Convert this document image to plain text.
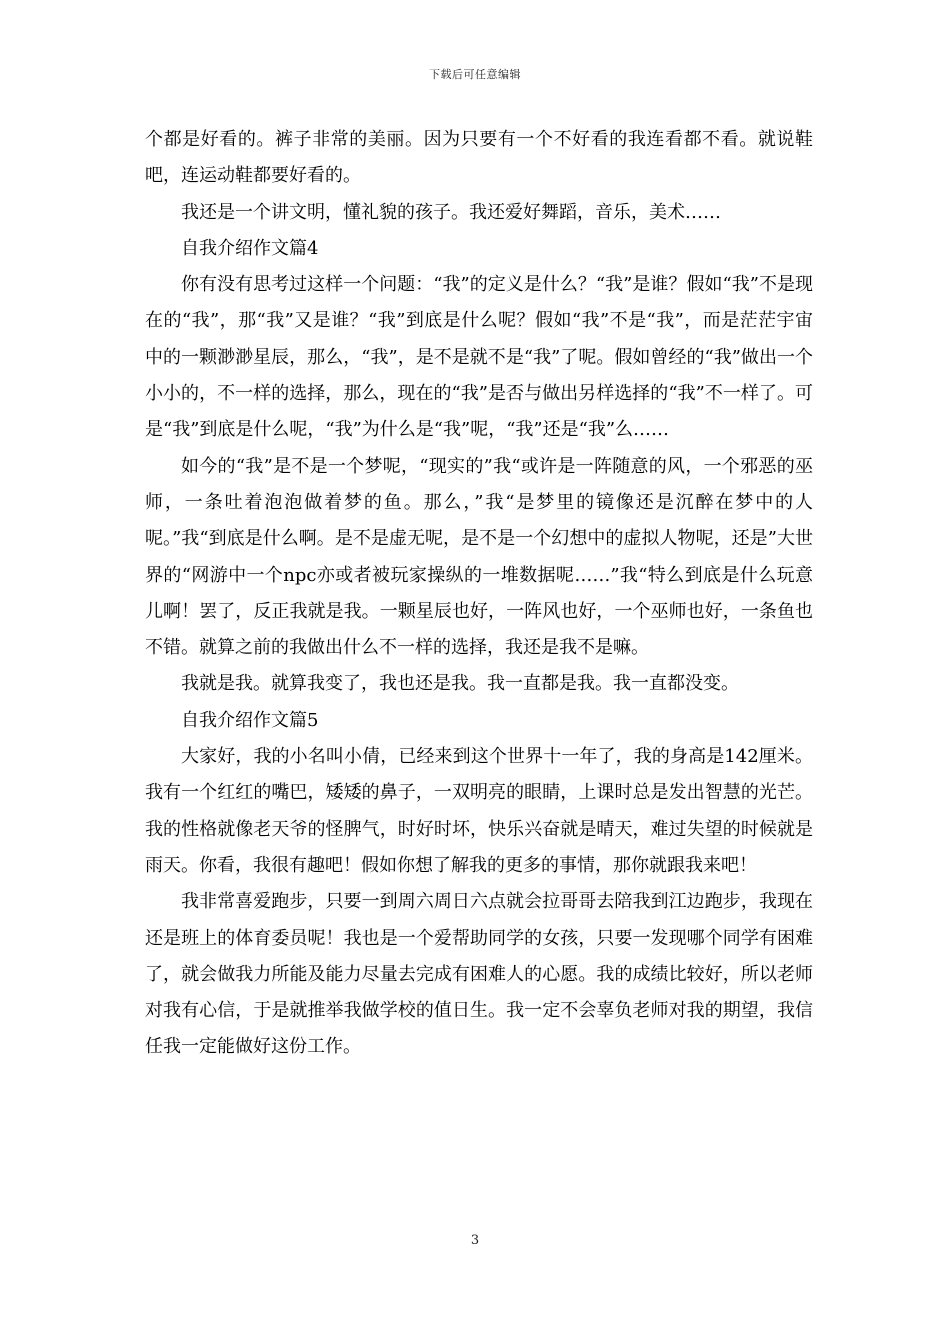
下载后可任意编辑

个都是好看的。裤子非常的美丽。因为只要有一个不好看的我连看都不看。就说鞋吧，连运动鞋都要好看的。

我还是一个讲文明，懂礼貌的孩子。我还爱好舞蹈，音乐，美术……

自我介绍作文篇4

你有没有思考过这样一个问题：“我”的定义是什么？“我”是谁？假如“我”不是现在的“我”，那“我”又是谁？“我”到底是什么呢？假如“我”不是“我”，而是茫茫宇宙中的一颗渺渺星辰，那么，“我”，是不是就不是“我”了呢。假如曾经的“我”做出一个小小的，不一样的选择，那么，现在的“我”是否与做出另样选择的“我”不一样了。可是“我”到底是什么呢，“我”为什么是“我”呢，“我”还是“我”么……

如今的“我”是不是一个梦呢，“现实的”我“或许是一阵随意的风，一个邪恶的巫师，一条吐着泡泡做着梦的鱼。那么，”我“是梦里的镜像还是沉醉在梦中的人呢。”我“到底是什么啊。是不是虚无呢，是不是一个幻想中的虚拟人物呢，还是”大世界的“网游中一个npc亦或者被玩家操纵的一堆数据呢……”我“特么到底是什么玩意儿啊！罢了，反正我就是我。一颗星辰也好，一阵风也好，一个巫师也好，一条鱼也不错。就算之前的我做出什么不一样的选择，我还是我不是嘛。

我就是我。就算我变了，我也还是我。我一直都是我。我一直都没变。

自我介绍作文篇5

大家好，我的小名叫小倩，已经来到这个世界十一年了，我的身高是142厘米。我有一个红红的嘴巴，矮矮的鼻子，一双明亮的眼睛，上课时总是发出智慧的光芒。我的性格就像老天爷的怪脾气，时好时坏，快乐兴奋就是晴天，难过失望的时候就是雨天。你看，我很有趣吧！假如你想了解我的更多的事情，那你就跟我来吧！

我非常喜爱跑步，只要一到周六周日六点就会拉哥哥去陪我到江边跑步，我现在还是班上的体育委员呢！我也是一个爱帮助同学的女孩，只要一发现哪个同学有困难了，就会做我力所能及能力尽量去完成有困难人的心愿。我的成绩比较好，所以老师对我有心信，于是就推举我做学校的值日生。我一定不会辜负老师对我的期望，我信任我一定能做好这份工作。

3
